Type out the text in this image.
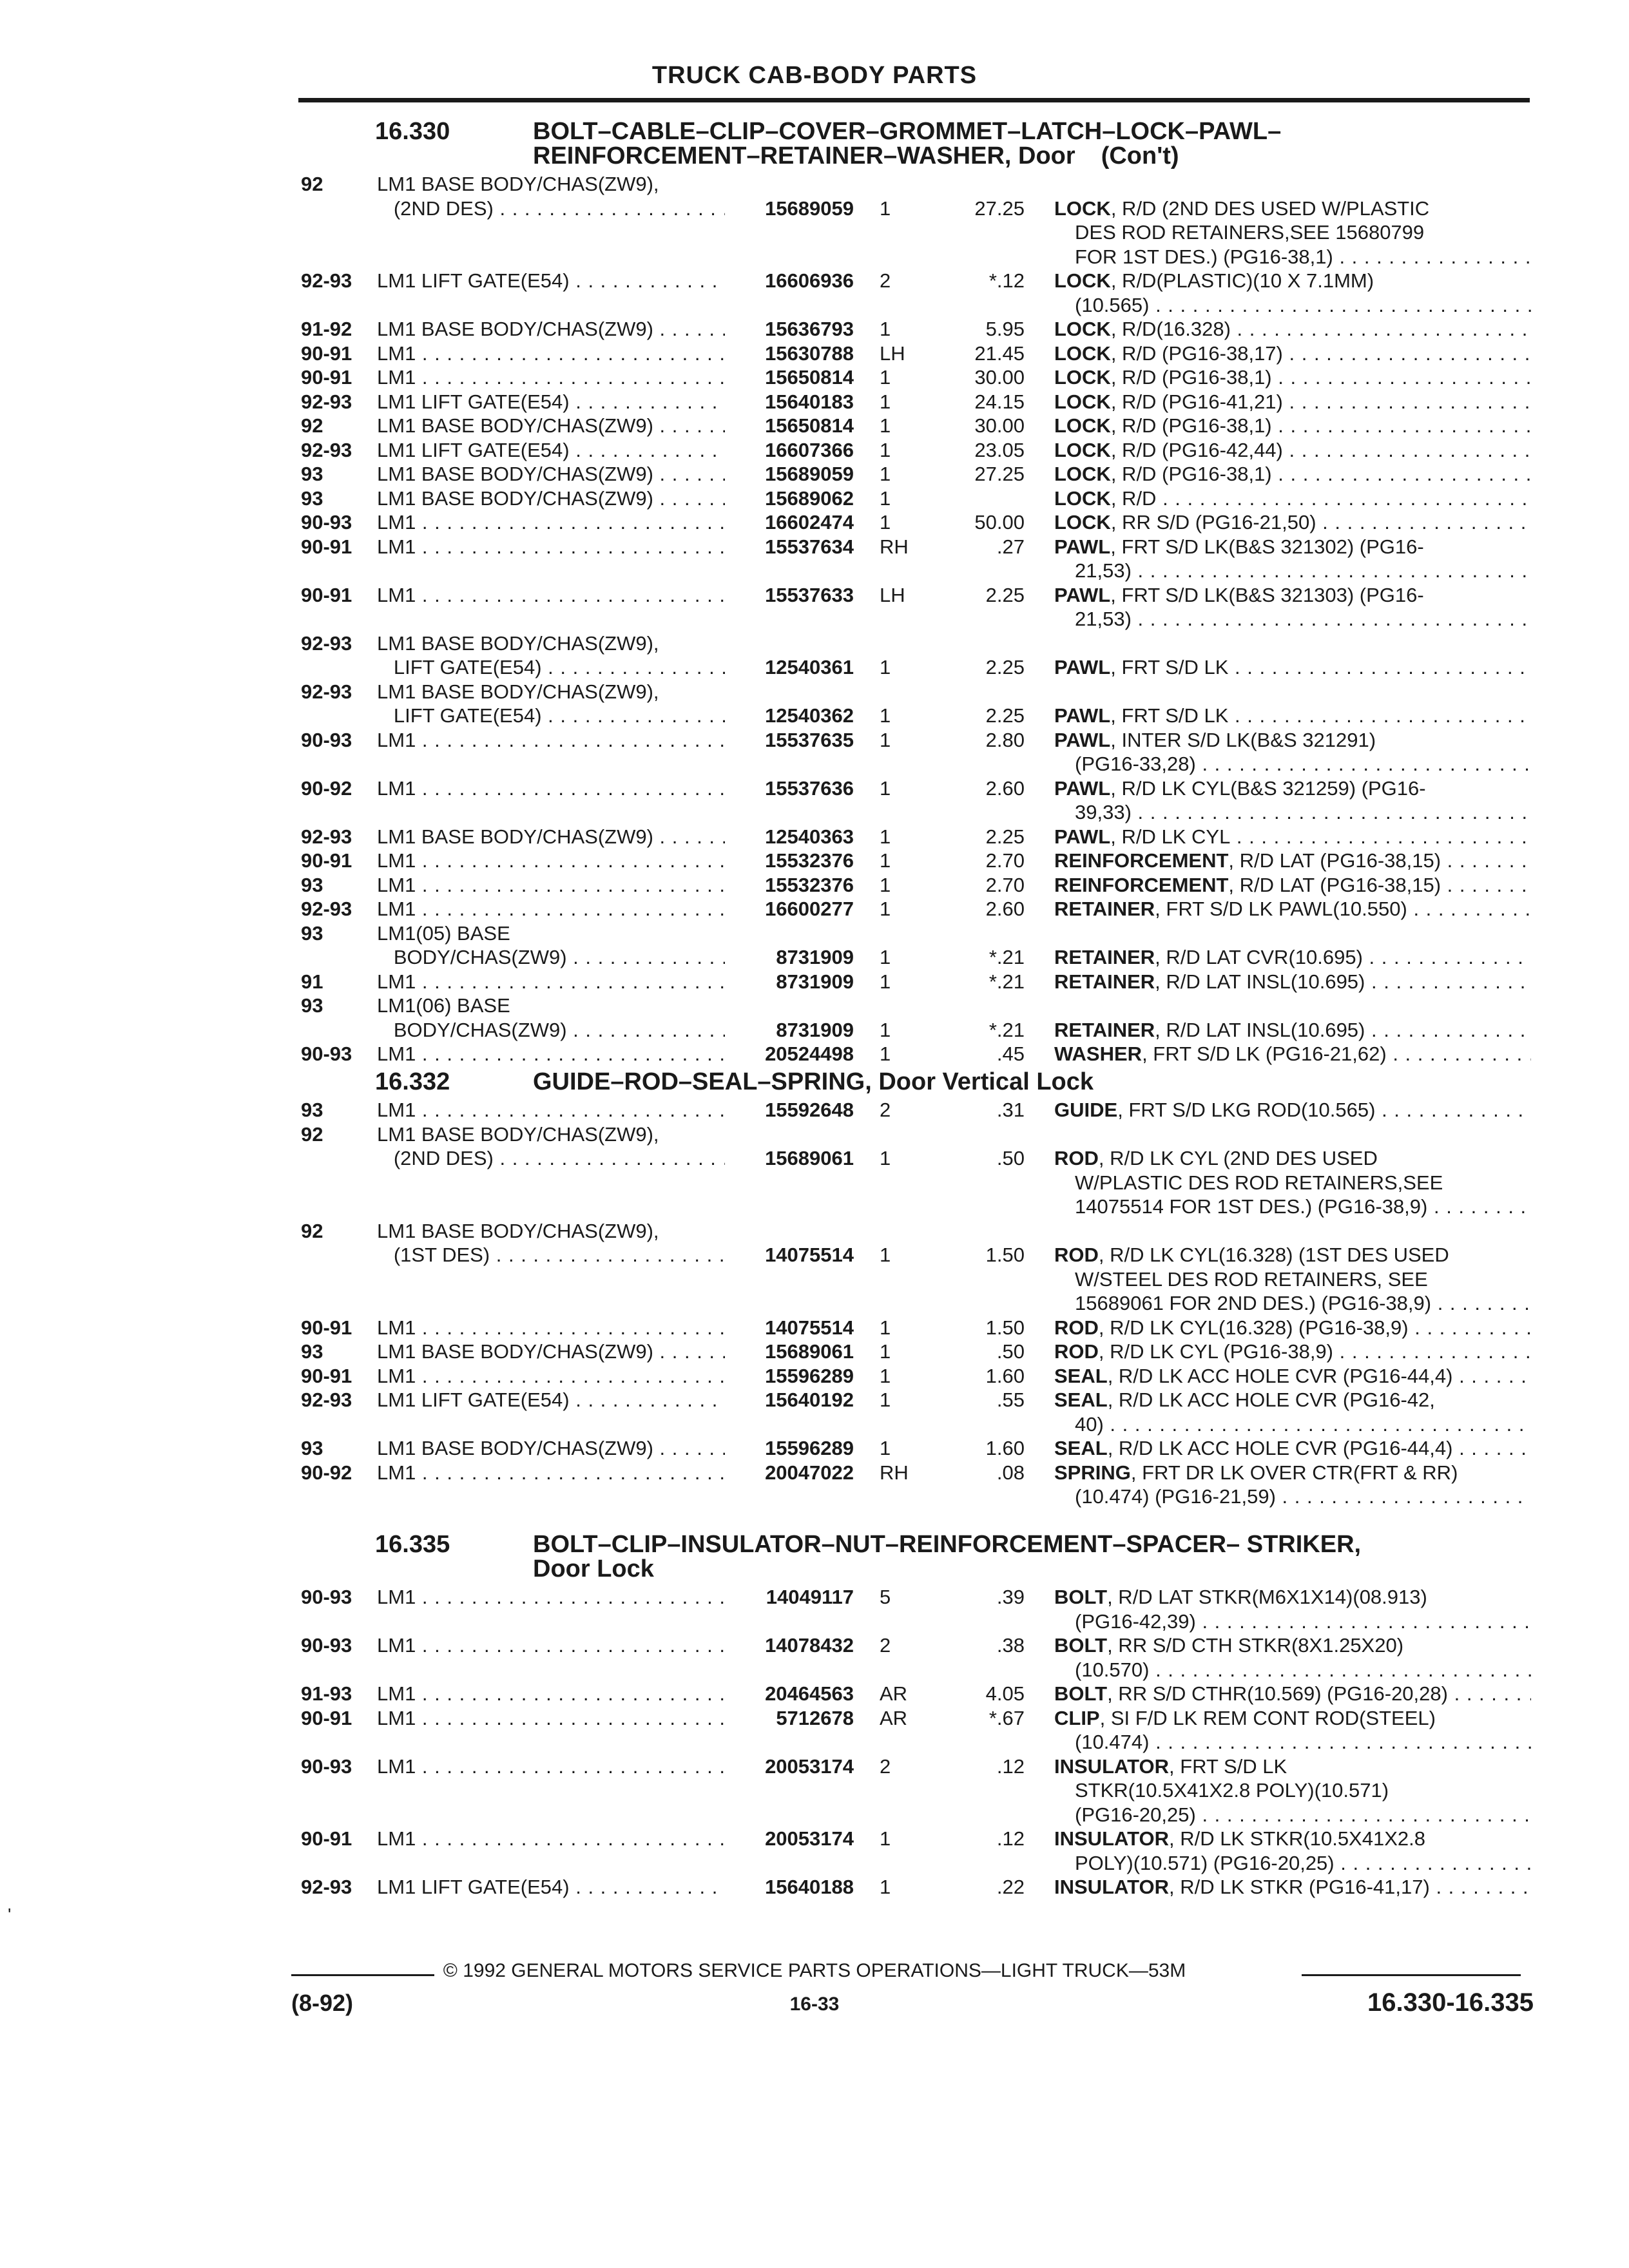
TRUCK CAB-BODY PARTS
16.330	BOLT–CABLE–CLIP–COVER–GROMMET–LATCH–LOCK–PAWL–
REINFORCEMENT–RETAINER–WASHER, Door (Con't)
92	LM1 BASE BODY/CHAS(ZW9),
(2ND DES) . . .	15689059 1	27.25 LOCK, R/D (2ND DES USED W/PLASTIC
DES ROD RETAINERS,SEE 15680799
FOR 1ST DES.) (PG16-38,1) . . .
92-93 LM1 LIFT GATE(E54) . . .	16606936 2	*.12 LOCK, R/D(PLASTIC)(10 X 7.1MM)
(10.565) . . .
91-92 LM1 BASE BODY/CHAS(ZW9) . . .	15636793 1	5.95 LOCK, R/D(16.328) . . .
90-91 LM1 . . .	15630788 LH	21.45 LOCK, R/D (PG16-38,17) . . .
90-91 LM1 . . .	15650814 1	30.00 LOCK, R/D (PG16-38,1) . . .
92-93 LM1 LIFT GATE(E54) . . .	15640183 1	24.15 LOCK, R/D (PG16-41,21) . . .
92	LM1 BASE BODY/CHAS(ZW9) . . .	15650814 1	30.00 LOCK, R/D (PG16-38,1) . . .
92-93 LM1 LIFT GATE(E54) . . .	16607366 1	23.05 LOCK, R/D (PG16-42,44) . . .
93	LM1 BASE BODY/CHAS(ZW9) . . .	15689059 1	27.25 LOCK, R/D (PG16-38,1) . . .
93	LM1 BASE BODY/CHAS(ZW9) . . .	15689062 1	LOCK, R/D . . .
90-93 LM1 . . .	16602474 1	50.00 LOCK, RR S/D (PG16-21,50) . . .
90-91 LM1 . . .	15537634 RH	.27 PAWL, FRT S/D LK(B&S 321302) (PG16-
21,53) . . .
90-91 LM1 . . .	15537633 LH	2.25 PAWL, FRT S/D LK(B&S 321303) (PG16-
21,53) . . .
92-93 LM1 BASE BODY/CHAS(ZW9),
LIFT GATE(E54) . . .	12540361 1	2.25 PAWL, FRT S/D LK . . .
92-93 LM1 BASE BODY/CHAS(ZW9),
LIFT GATE(E54) . . .	12540362 1	2.25 PAWL, FRT S/D LK . . .
90-93 LM1 . . .	15537635 1	2.80 PAWL, INTER S/D LK(B&S 321291)
(PG16-33,28) . . .
90-92 LM1 . . .	15537636 1	2.60 PAWL, R/D LK CYL(B&S 321259) (PG16-
39,33) . . .
92-93 LM1 BASE BODY/CHAS(ZW9) . . .	12540363 1	2.25 PAWL, R/D LK CYL . . .
90-91 LM1 . . .	15532376 1	2.70 REINFORCEMENT, R/D LAT (PG16-38,15) . . .
93	LM1 . . .	15532376 1	2.70 REINFORCEMENT, R/D LAT (PG16-38,15) . . .
92-93 LM1 . . .	16600277 1	2.60 RETAINER, FRT S/D LK PAWL(10.550) . . .
93	LM1(05) BASE
BODY/CHAS(ZW9) . . .	8731909 1	*.21 RETAINER, R/D LAT CVR(10.695) . . .
91	LM1 . . .	8731909 1	*.21 RETAINER, R/D LAT INSL(10.695) . . .
93	LM1(06) BASE
BODY/CHAS(ZW9) . . .	8731909 1	*.21 RETAINER, R/D LAT INSL(10.695) . . .
90-93 LM1 . . .	20524498 1	.45 WASHER, FRT S/D LK (PG16-21,62) . . .
16.332	GUIDE–ROD–SEAL–SPRING, Door Vertical Lock
93	LM1 . . .	15592648 2	.31 GUIDE, FRT S/D LKG ROD(10.565) . . .
92	LM1 BASE BODY/CHAS(ZW9),
(2ND DES) . . .	15689061 1	.50 ROD, R/D LK CYL (2ND DES USED
W/PLASTIC DES ROD RETAINERS,SEE
14075514 FOR 1ST DES.) (PG16-38,9) . . .
92	LM1 BASE BODY/CHAS(ZW9),
(1ST DES) . . .	14075514 1	1.50 ROD, R/D LK CYL(16.328) (1ST DES USED
W/STEEL DES ROD RETAINERS, SEE
15689061 FOR 2ND DES.) (PG16-38,9) . . .
90-91 LM1 . . .	14075514 1	1.50 ROD, R/D LK CYL(16.328) (PG16-38,9) . . .
93	LM1 BASE BODY/CHAS(ZW9) . . .	15689061 1	.50 ROD, R/D LK CYL (PG16-38,9) . . .
90-91 LM1 . . .	15596289 1	1.60 SEAL, R/D LK ACC HOLE CVR (PG16-44,4) . . .
92-93 LM1 LIFT GATE(E54) . . .	15640192 1	.55 SEAL, R/D LK ACC HOLE CVR (PG16-42,
40) . . .
93	LM1 BASE BODY/CHAS(ZW9) . . .	15596289 1	1.60 SEAL, R/D LK ACC HOLE CVR (PG16-44,4) . . .
90-92 LM1 . . .	20047022 RH	.08 SPRING, FRT DR LK OVER CTR(FRT & RR)
(10.474) (PG16-21,59) . . .
16.335	BOLT–CLIP–INSULATOR–NUT–REINFORCEMENT–SPACER– STRIKER,
Door Lock
90-93 LM1 . . .	14049117 5	.39 BOLT, R/D LAT STKR(M6X1X14)(08.913)
(PG16-42,39) . . .
90-93 LM1 . . .	14078432 2	.38 BOLT, RR S/D CTH STKR(8X1.25X20)
(10.570) . . .
91-93 LM1 . . .	20464563 AR	4.05 BOLT, RR S/D CTHR(10.569) (PG16-20,28) . . .
90-91 LM1 . . .	5712678 AR	*.67 CLIP, SI F/D LK REM CONT ROD(STEEL)
(10.474) . . .
90-93 LM1 . . .	20053174 2	.12 INSULATOR, FRT S/D LK
STKR(10.5X41X2.8 POLY)(10.571)
(PG16-20,25) . . .
90-91 LM1 . . .	20053174 1	.12 INSULATOR, R/D LK STKR(10.5X41X2.8
POLY)(10.571) (PG16-20,25) . . .
92-93 LM1 LIFT GATE(E54) . . .	15640188 1	.22 INSULATOR, R/D LK STKR (PG16-41,17) . . .
© 1992 GENERAL MOTORS SERVICE PARTS OPERATIONS—LIGHT TRUCK—53M
(8-92)	16-33	16.330-16.335
'
